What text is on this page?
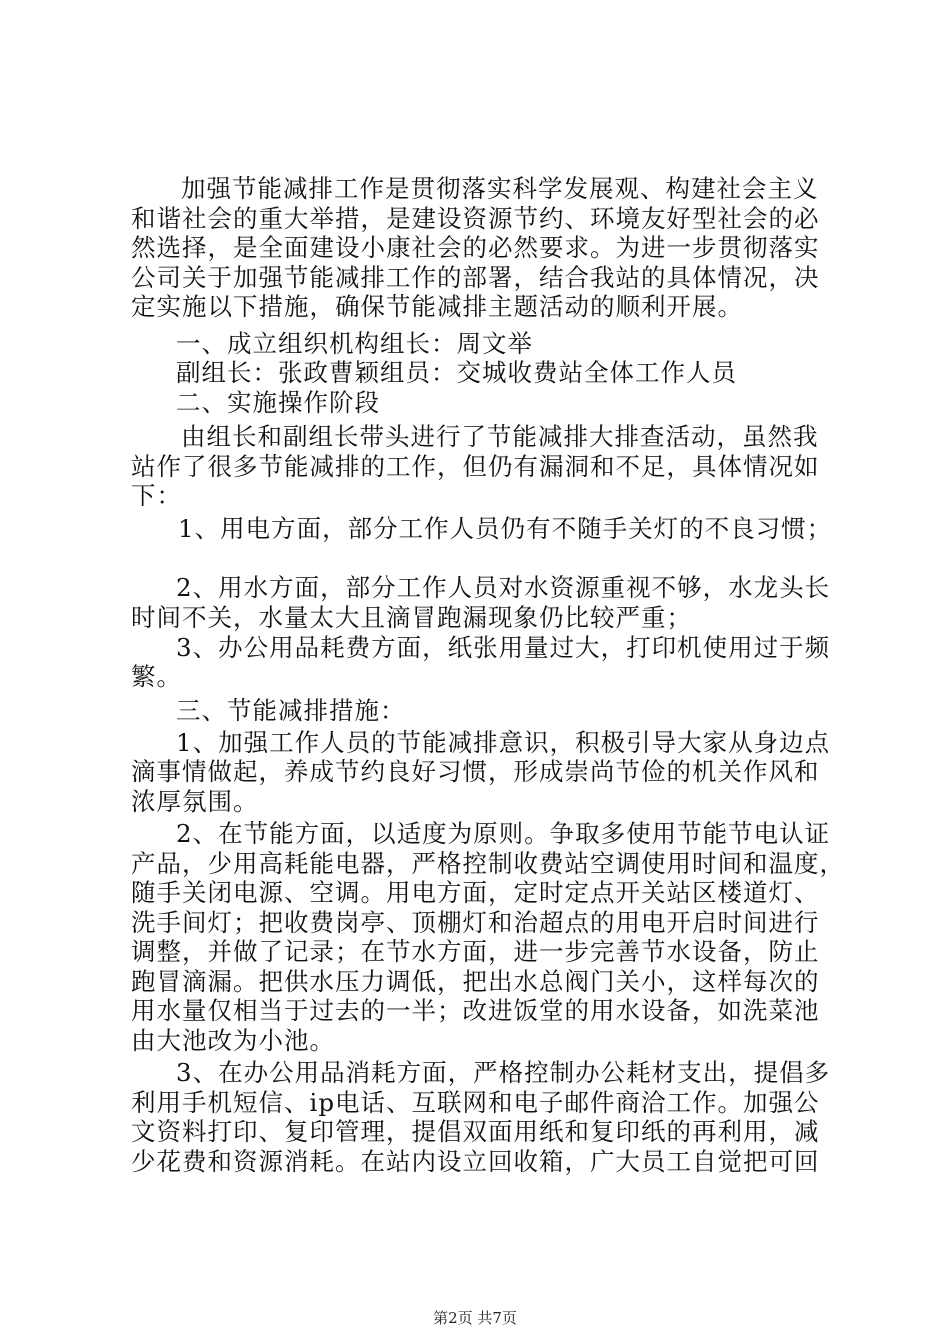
加强节能减排工作是贯彻落实科学发展观、构建社会主义
和谐社会的重大举措，是建设资源节约、环境友好型社会的必
然选择，是全面建设小康社会的必然要求。为进一步贯彻落实
公司关于加强节能减排工作的部署，结合我站的具体情况，决
定实施以下措施，确保节能减排主题活动的顺利开展。
一、成立组织机构组长：周文举
副组长：张政曹颖组员：交城收费站全体工作人员
二、实施操作阶段
由组长和副组长带头进行了节能减排大排查活动，虽然我
站作了很多节能减排的工作，但仍有漏洞和不足，具体情况如
下：
1、用电方面，部分工作人员仍有不随手关灯的不良习惯；
2、用水方面，部分工作人员对水资源重视不够，水龙头长
时间不关，水量太大且滴冒跑漏现象仍比较严重；
3、办公用品耗费方面，纸张用量过大，打印机使用过于频
繁。
三、节能减排措施：
1、加强工作人员的节能减排意识，积极引导大家从身边点
滴事情做起，养成节约良好习惯，形成崇尚节俭的机关作风和
浓厚氛围。
2、在节能方面，以适度为原则。争取多使用节能节电认证
产品，少用高耗能电器，严格控制收费站空调使用时间和温度，
随手关闭电源、空调。用电方面，定时定点开关站区楼道灯、
洗手间灯；把收费岗亭、顶棚灯和治超点的用电开启时间进行
调整，并做了记录；在节水方面，进一步完善节水设备，防止
跑冒滴漏。把供水压力调低，把出水总阀门关小，这样每次的
用水量仅相当于过去的一半；改进饭堂的用水设备，如洗菜池
由大池改为小池。
3、在办公用品消耗方面，严格控制办公耗材支出，提倡多
利用手机短信、ip电话、互联网和电子邮件商洽工作。加强公
文资料打印、复印管理，提倡双面用纸和复印纸的再利用，减
少花费和资源消耗。在站内设立回收箱，广大员工自觉把可回
第2页 共7页
